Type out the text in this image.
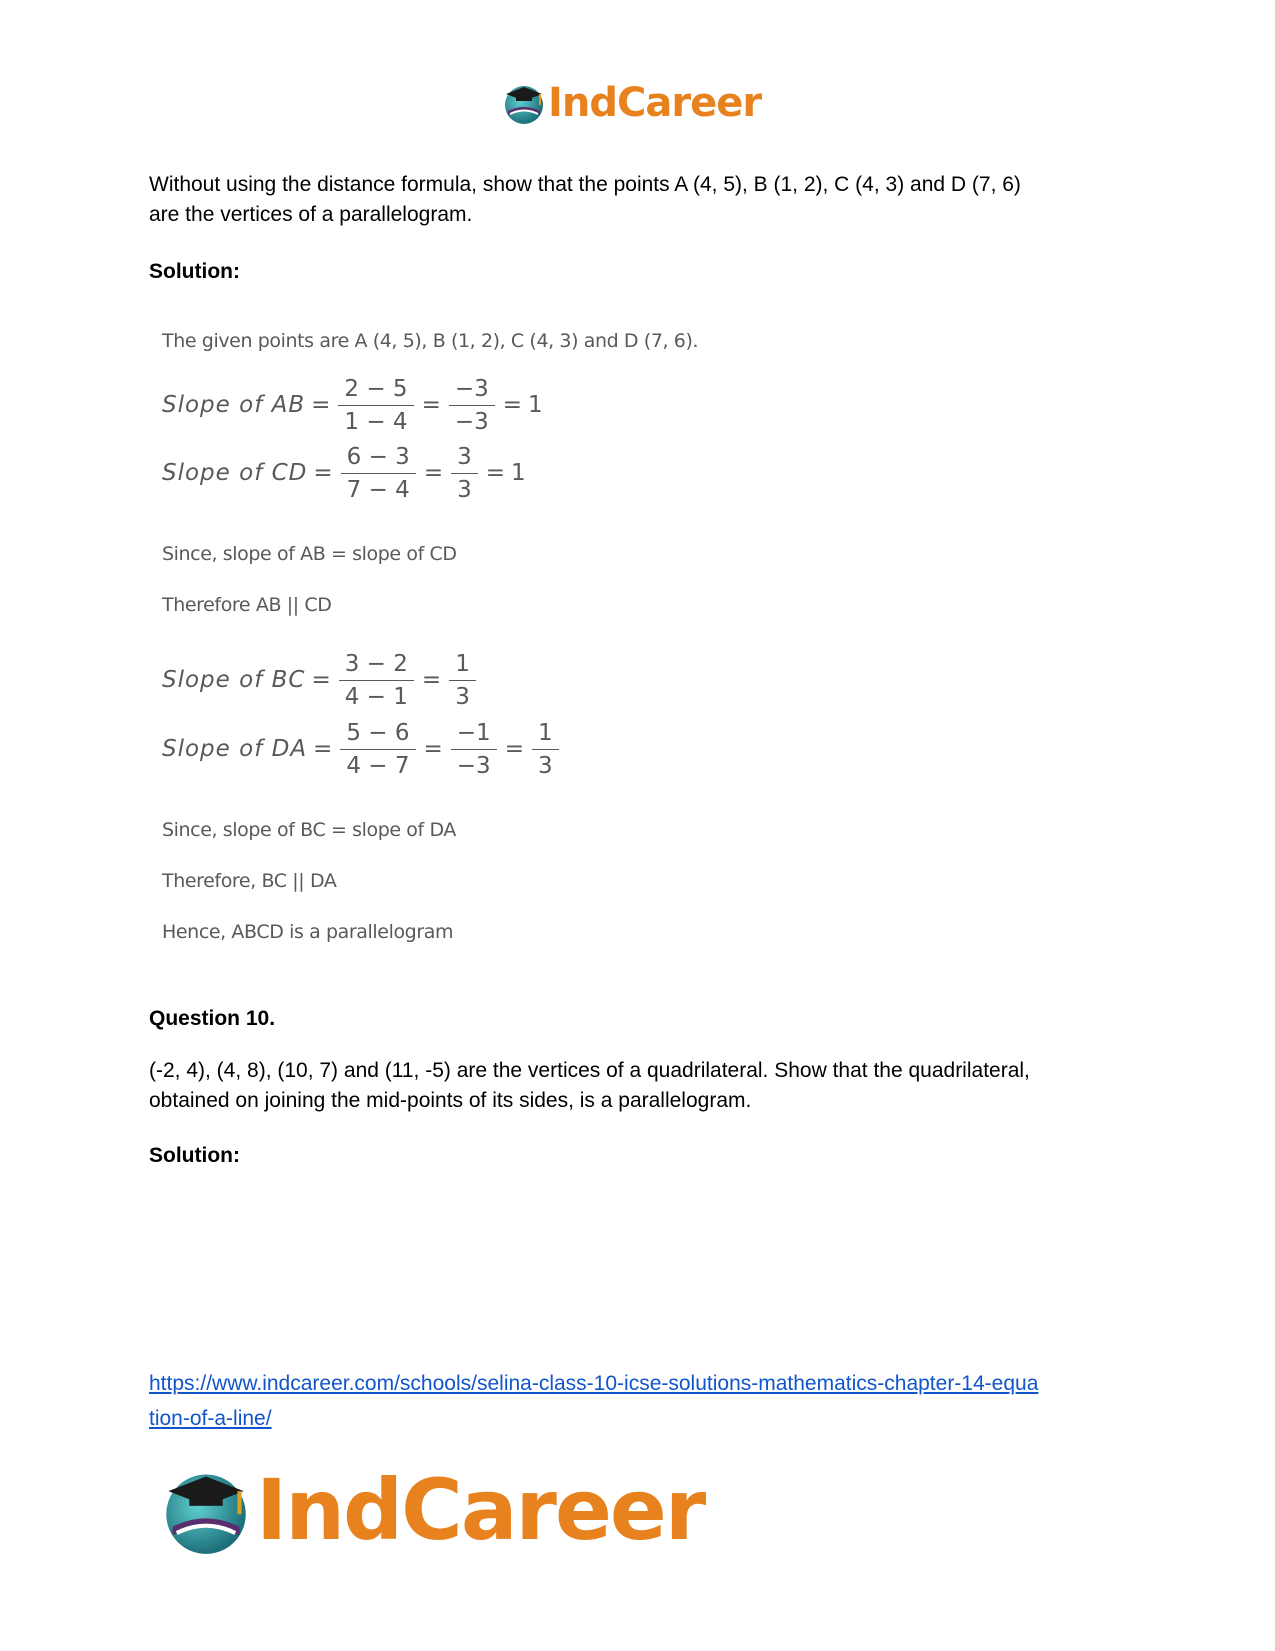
IndCareer
Without using the distance formula, show that the points A (4, 5), B (1, 2), C (4, 3) and D (7, 6)
are the vertices of a parallelogram.
Solution:
The given points are A (4, 5), B (1, 2), C (4, 3) and D (7, 6).
Slope of AB = $\frac{2 - 5}{1 - 4} = \frac{-3}{-3} = 1$
Slope of CD = $\frac{6 - 3}{7 - 4} = \frac{3}{3} = 1$
Since, slope of AB = slope of CD
Therefore AB || CD
Slope of BC = $\frac{3 - 2}{4 - 1} = \frac{1}{3}$
Slope of DA = $\frac{5 - 6}{4 - 7} = \frac{-1}{-3} = \frac{1}{3}$
Since, slope of BC = slope of DA
Therefore, BC || DA
Hence, ABCD is a parallelogram
Question 10.
(-2, 4), (4, 8), (10, 7) and (11, -5) are the vertices of a quadrilateral. Show that the quadrilateral,
obtained on joining the mid-points of its sides, is a parallelogram.
Solution:
https://www.indcareer.com/schools/selina-class-10-icse-solutions-mathematics-chapter-14-equa
tion-of-a-line/
IndCareer
